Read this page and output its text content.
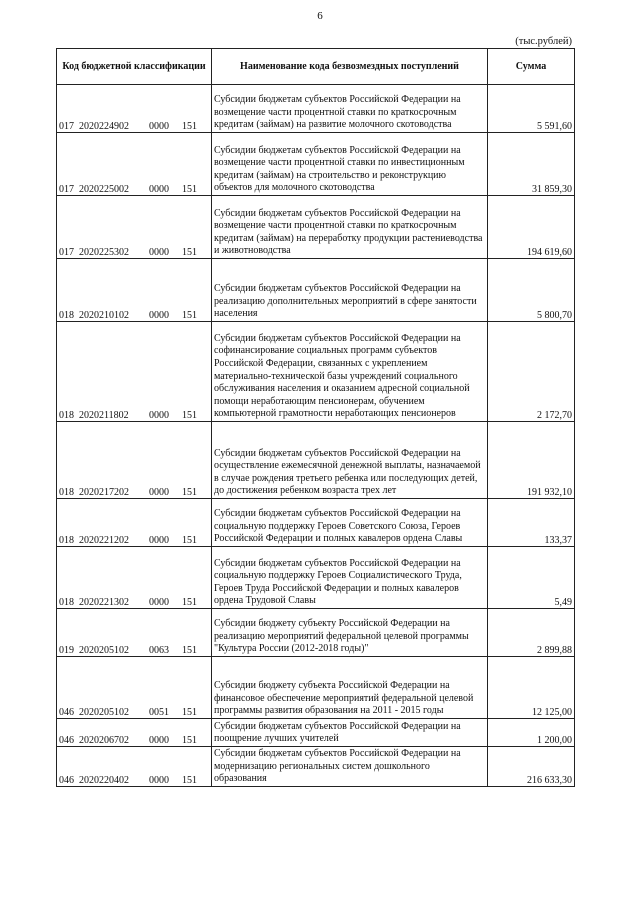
6
(тыс.рублей)
Код бюджетной классификации	Наименование кода безвозмездных поступлений	Сумма
017 2020224902 0000 151	Субсидии бюджетам субъектов Российской Федерации на возмещение части процентной ставки по краткосрочным кредитам (займам) на развитие молочного скотоводства	5 591,60
017 2020225002 0000 151	Субсидии бюджетам субъектов Российской Федерации на возмещение части процентной ставки по инвестиционным кредитам (займам) на строительство и реконструкцию объектов для молочного скотоводства	31 859,30
017 2020225302 0000 151	Субсидии бюджетам субъектов Российской Федерации на возмещение части процентной ставки по краткосрочным кредитам (займам) на переработку продукции растениеводства и животноводства	194 619,60
018 2020210102 0000 151	Субсидии бюджетам субъектов Российской Федерации на реализацию дополнительных мероприятий в сфере занятости населения	5 800,70
018 2020211802 0000 151	Субсидии бюджетам субъектов Российской Федерации на софинансирование социальных программ субъектов Российской Федерации, связанных с укреплением материально-технической базы учреждений социального обслуживания населения и оказанием адресной социальной помощи неработающим пенсионерам, обучением компьютерной грамотности неработающих пенсионеров	2 172,70
018 2020217202 0000 151	Субсидии бюджетам субъектов Российской Федерации на осуществление ежемесячной денежной выплаты, назначаемой в случае рождения третьего ребенка или последующих детей, до достижения ребенком возраста трех лет	191 932,10
018 2020221202 0000 151	Субсидии бюджетам субъектов Российской Федерации на социальную поддержку Героев Советского Союза, Героев Российской Федерации и полных кавалеров ордена Славы	133,37
018 2020221302 0000 151	Субсидии бюджетам субъектов Российской Федерации на социальную поддержку Героев Социалистического Труда, Героев Труда Российской Федерации и полных кавалеров ордена Трудовой Славы	5,49
019 2020205102 0063 151	Субсидии бюджету субъекту Российской Федерации на реализацию мероприятий федеральной целевой программы "Культура России (2012-2018 годы)"	2 899,88
046 2020205102 0051 151	Субсидии бюджету субъекта Российской Федерации на финансовое обеспечение мероприятий федеральной целевой программы развития образования на 2011 - 2015 годы	12 125,00
046 2020206702 0000 151	Субсидии бюджетам субъектов Российской Федерации на поощрение лучших учителей	1 200,00
046 2020220402 0000 151	Субсидии бюджетам субъектов Российской Федерации на модернизацию региональных систем дошкольного образования	216 633,30
